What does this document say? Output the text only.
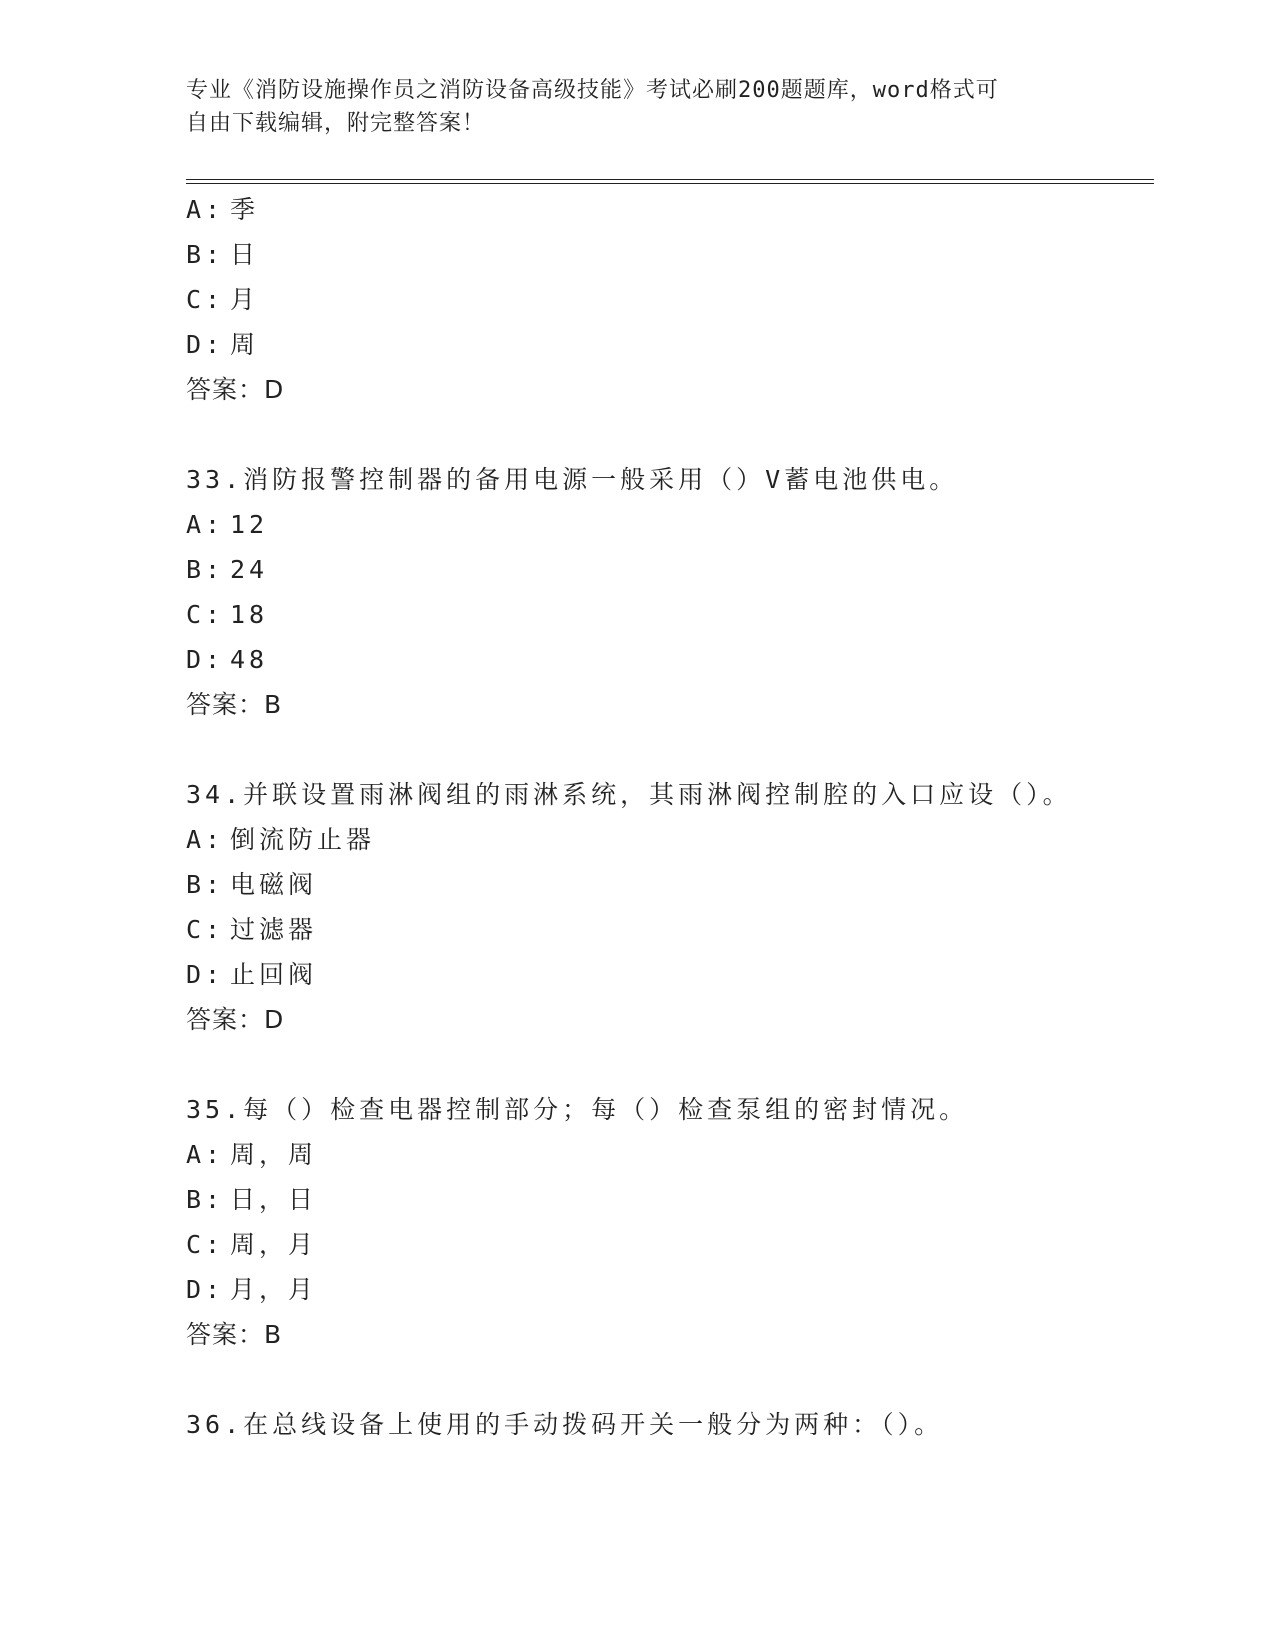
专业《消防设施操作员之消防设备高级技能》考试必刷200题题库，word格式可
自由下载编辑，附完整答案！
A: 季
B: 日
C: 月
D: 周
答案：D
33.消防报警控制器的备用电源一般采用（）V蓄电池供电。
A: 12
B: 24
C: 18
D: 48
答案：B
34.并联设置雨淋阀组的雨淋系统，其雨淋阀控制腔的入口应设（）。
A: 倒流防止器
B: 电磁阀
C: 过滤器
D: 止回阀
答案：D
35.每（）检查电器控制部分；每（）检查泵组的密封情况。
A: 周，周
B: 日，日
C: 周，月
D: 月，月
答案：B
36.在总线设备上使用的手动拨码开关一般分为两种：（）。
